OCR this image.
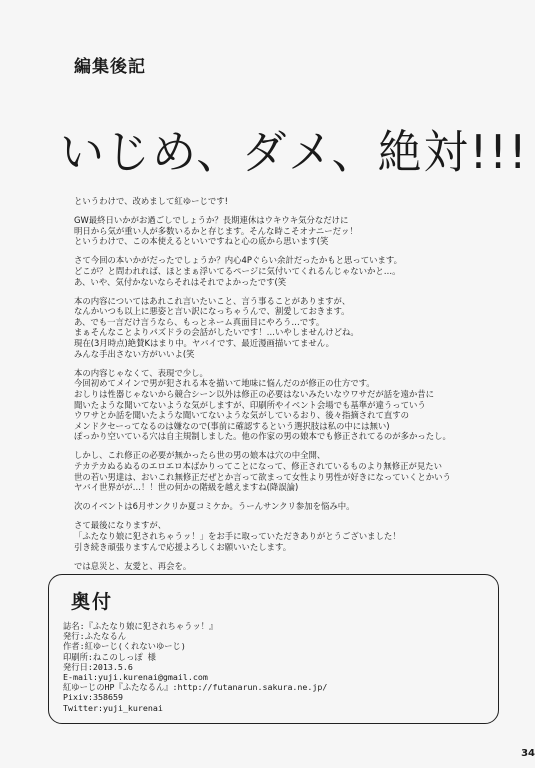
編集後記
いじめ、ダメ、絶対!!!
というわけで、改めまして紅ゆーじです!
GW最終日いかがお過ごしでしょうか？長期連休はウキウキ気分なだけに
明日から気が重い人が多数いるかと存じます。そんな時こそオナニーだッ！
というわけで、この本使えるといいですねと心の底から思います(笑
さて今回の本いかがだったでしょうか？内心4Pぐらい余計だったかもと思っています。
どこが？と問われれば、ほとまぁ浮いてるページに気付いてくれるんじゃないかと…。
あ、いや、気付かないならそれはそれでよかったです(笑
本の内容についてはあれこれ言いたいこと、言う事ることがありますが、
なんかいつも以上に悪姿と言い訳になっちゃうんで、割愛しておきます。
あ、でも一言だけ言うなら、もっとネーム真面目にやろう…です。
まぁそんなことよりパズドラの会話がしたいです！…いやしませんけどね。
現在(3月時点)絶賛Kはまり中。ヤバイです、最近漫画描いてません。
みんな手出さない方がいいよ(笑
本の内容じゃなくて、表現で少し。
今回初めてメインで男が犯される本を描いて地味に悩んだのが修正の仕方です。
おしりは性器じゃないから競合シーン以外は修正の必要はないみたいなウワサだが話を遠か昔に
聞いたような聞いてないような気がしますが、印刷所やイベント会場でも基準が違うっていう
ウワサとか話を聞いたような聞いてないような気がしているおり、後々指摘されて直すの
メンドクセーってなるのは嫌なので(事前に確認するという選択肢は私の中には無い)
ぽっかり空いている穴は自主規制しました。他の作家の男の娘本でも修正されてるのが多かったし。
しかし、これ修正の必要が無かったら世の男の娘本は穴の中全開、
テカテカぬるぬるのエロエロ本ばかりってことになって、修正されているものより無修正が見たい
世の若い男達は、おいこれ無修正だぜとか言って欲まって女性より男性が好きになっていくとかいう
ヤバイ世界がが…！！世の何かの階級を越えますね(降誤論)
次のイベントは6月サンクリか夏コミケか。うーんサンクリ参加を悩み中。
さて最後になりますが、
「ふたなり娘に犯されちゃうッ！」をお手に取っていただきありがとうございました！
引き続き頑張りますんで応援よろしくお願いいたします。
では息災と、友愛と、再会を。
奥付
誌名:『ふたなり娘に犯されちゃうッ！』
発行:ふたなるん
作者:紅ゆーじ(くれないゆーじ)
印刷所:ねこのしっぽ 様
発行日:2013.5.6
E-mail:yuji.kurenai@gmail.com
紅ゆーじのHP『ふたなるん』:http://futanarun.sakura.ne.jp/
Pixiv:358659
Twitter:yuji_kurenai
34
